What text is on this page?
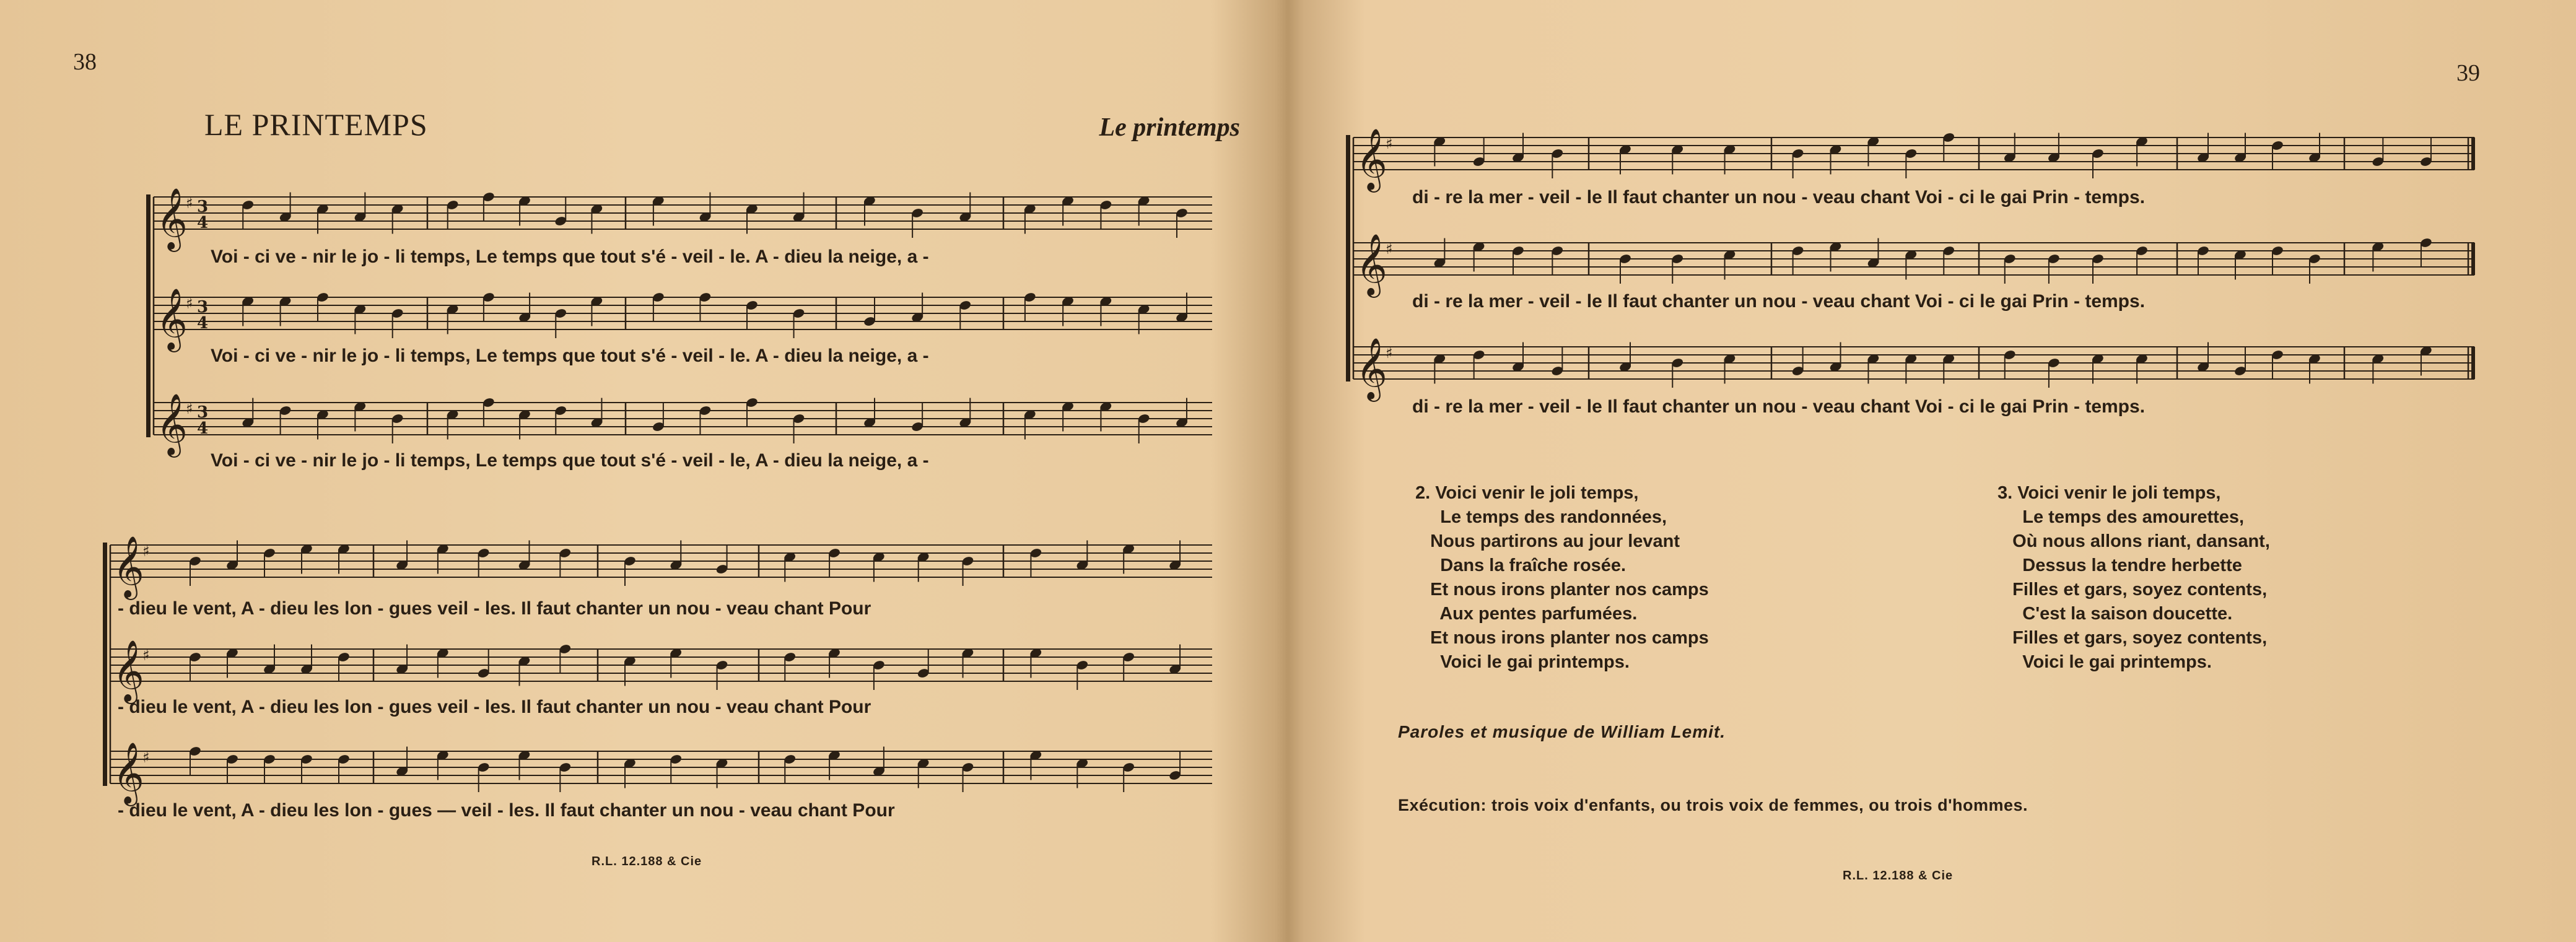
38
LE PRINTEMPS	Le printemps
𝄞
♯ 3
4
𝄞
♯ 3
4
𝄞
♯ 3
4
𝄞
♯
𝄞
♯
𝄞
♯
Voi - ci ve - nir le jo - li temps, Le temps que tout s'é - veil - le. A - dieu la neige, a -
Voi - ci ve - nir le jo - li temps, Le temps que tout s'é - veil - le. A - dieu la neige, a -
Voi - ci ve - nir le jo - li temps, Le temps que tout s'é - veil - le, A - dieu la neige, a -
- dieu le vent, A - dieu les lon - gues veil - les. Il faut chanter un nou - veau chant Pour
- dieu le vent, A - dieu les lon - gues veil - les. Il faut chanter un nou - veau chant Pour
- dieu le vent, A - dieu les lon - gues — veil - les. Il faut chanter un nou - veau chant Pour
R.L. 12.188 & Cie
39
𝄞
♯
𝄞
♯
𝄞
♯
di - re la mer - veil - le Il faut chanter un nou - veau chant Voi - ci le gai Prin - temps.
di - re la mer - veil - le Il faut chanter un nou - veau chant Voi - ci le gai Prin - temps.
di - re la mer - veil - le Il faut chanter un nou - veau chant Voi - ci le gai Prin - temps.
2. Voici venir le joli temps,
Le temps des randonnées,
Nous partirons au jour levant
Dans la fraîche rosée.
Et nous irons planter nos camps
Aux pentes parfumées.
Et nous irons planter nos camps
Voici le gai printemps.
3. Voici venir le joli temps,
Le temps des amourettes,
Où nous allons riant, dansant,
Dessus la tendre herbette
Filles et gars, soyez contents,
C'est la saison doucette.
Filles et gars, soyez contents,
Voici le gai printemps.
Paroles et musique de William Lemit.
Exécution: trois voix d'enfants, ou trois voix de femmes, ou trois d'hommes.
R.L. 12.188 & Cie
